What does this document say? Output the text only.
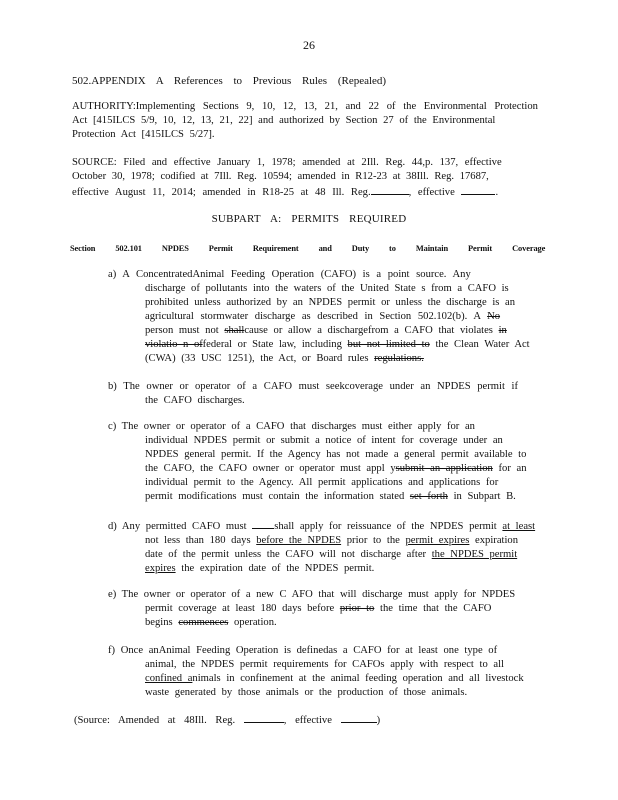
26
502.APPENDIX A References to Previous Rules (Repealed)
AUTHORITY:Implementing Sections 9, 10, 12, 13, 21, and 22 of the Environmental Protection
Act [415ILCS 5/9, 10, 12, 13, 21, 22] and authorized by Section 27 of the Environmental
Protection Act [415ILCS 5/27].
SOURCE: Filed and effective January 1, 1978; amended at 2Ill. Reg. 44,p. 137, effective
October 30, 1978; codified at 7Ill. Reg. 10594; amended in R12-23 at 38Ill. Reg. 17687,
effective August 11, 2014; amended in R18-25 at 48 Ill. Reg.	, effective	.
SUBPART A: PERMITS REQUIRED
Section 502.101 NPDES Permit Requirement and Duty to Maintain Permit Coverage
a) A ConcentratedAnimal Feeding Operation (CAFO) is a point source. Any
discharge of pollutants into the waters of the United State s from a CAFO is
prohibited unless authorized by an NPDES permit or unless the discharge is an
agricultural stormwater discharge as described in Section 502.102(b). A No
person must not shallcause or allow a dischargefrom a CAFO that violates in
violatio n offederal or State law, including but not limited to the Clean Water Act
(CWA) (33 USC 1251), the Act, or Board rules regulations.
b) The owner or operator of a CAFO must seekcoverage under an NPDES permit if
the CAFO discharges.
c) The owner or operator of a CAFO that discharges must either apply for an
individual NPDES permit or submit a notice of intent for coverage under an
NPDES general permit. If the Agency has not made a general permit available to
the CAFO, the CAFO owner or operator must appl ysubmit an application for an
individual permit to the Agency. All permit applications and applications for
permit modifications must contain the information stated set forth in Subpart B.
d) Any permitted CAFO must	shall apply for reissuance of the NPDES permit at least
not less than 180 days before the NPDES prior to the permit expires expiration
date of the permit unless the CAFO will not discharge after the NPDES permit
expires the expiration date of the NPDES permit.
e) The owner or operator of a new C AFO that will discharge must apply for NPDES
permit coverage at least 180 days before prior to the time that the CAFO
begins commences operation.
f) Once anAnimal Feeding Operation is definedas a CAFO for at least one type of
animal, the NPDES permit requirements for CAFOs apply with respect to all
confined animals in confinement at the animal feeding operation and all livestock
waste generated by those animals or the production of those animals.
(Source: Amended at 48Ill. Reg.	, effective	)
